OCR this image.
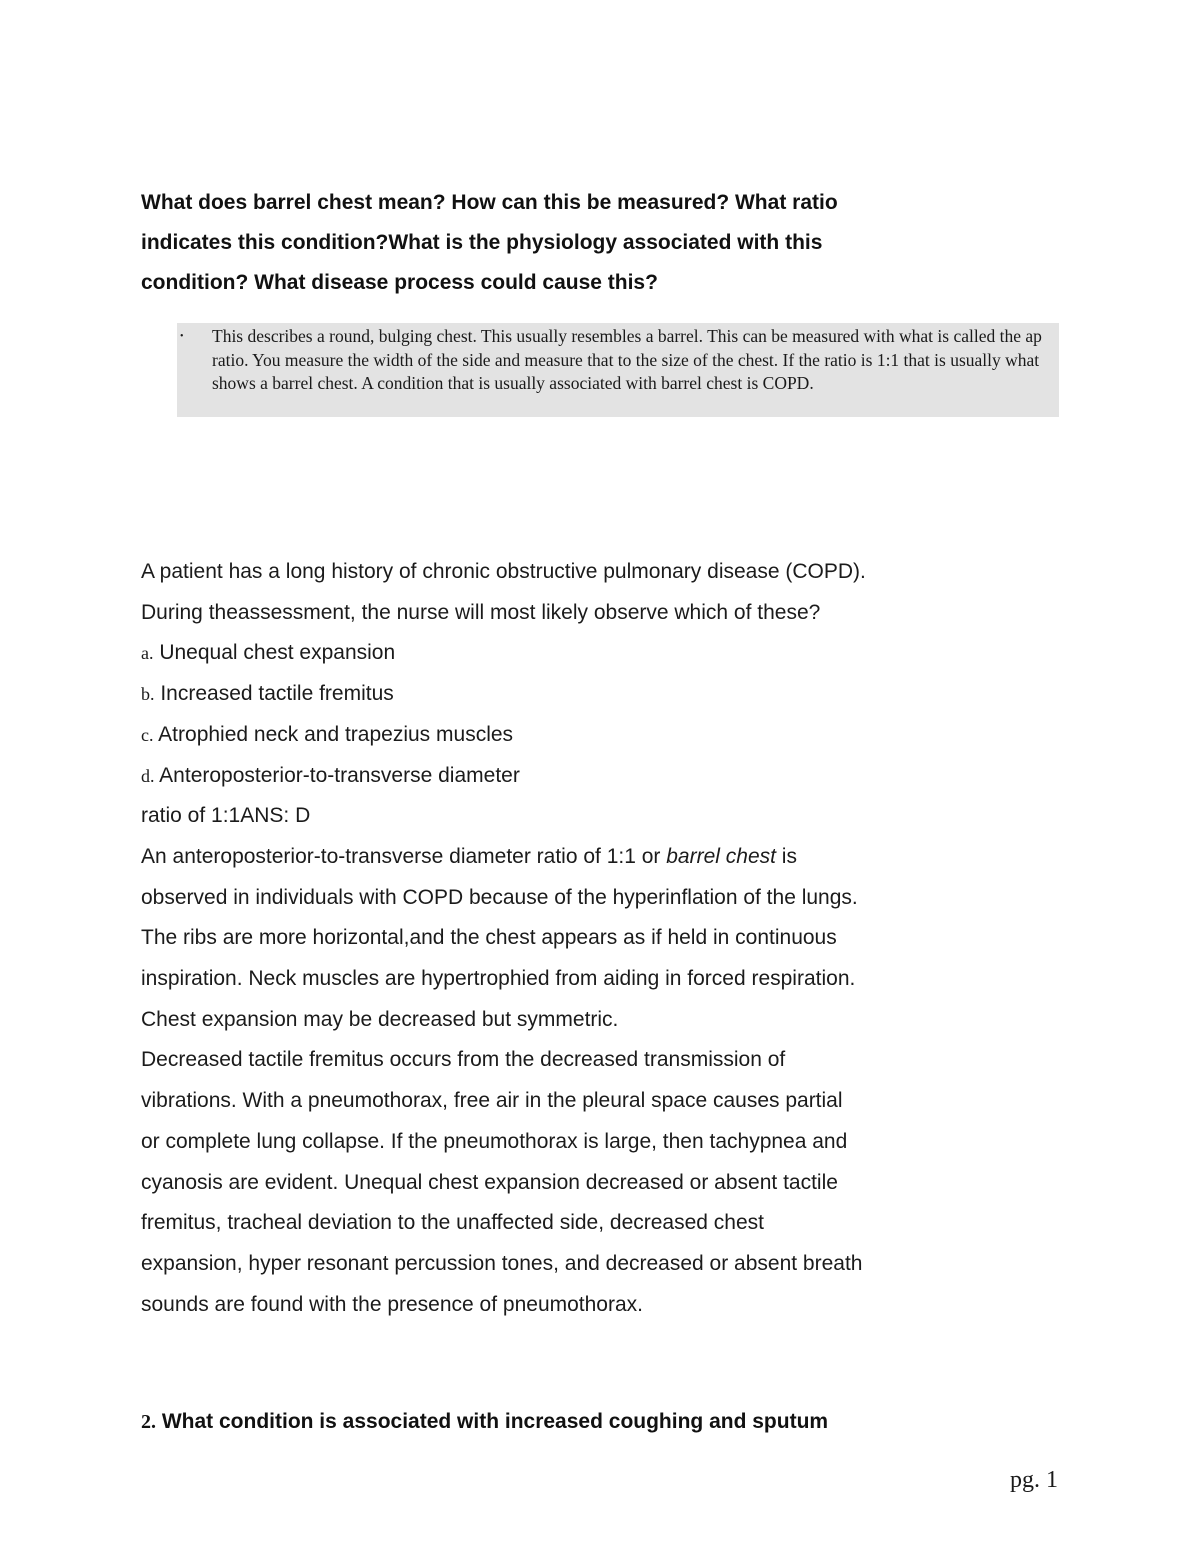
What does barrel chest mean? How can this be measured? What ratio
indicates this condition?What is the physiology associated with this
condition? What disease process could cause this?
•	This describes a round, bulging chest. This usually resembles a barrel. This can be measured with what is called the ap ratio. You measure the width of the side and measure that to the size of the chest. If the ratio is 1:1 that is usually what shows a barrel chest. A condition that is usually associated with barrel chest is COPD.

A patient has a long history of chronic obstructive pulmonary disease (COPD).

During theassessment, the nurse will most likely observe which of these?

a. Unequal chest expansion

b. Increased tactile fremitus

c. Atrophied neck and trapezius muscles

d. Anteroposterior-to-transverse diameter

ratio of 1:1ANS: D

An anteroposterior-to-transverse diameter ratio of 1:1 or barrel chest is

observed in individuals with COPD because of the hyperinflation of the lungs.

The ribs are more horizontal,and the chest appears as if held in continuous

inspiration. Neck muscles are hypertrophied from aiding in forced respiration.

Chest expansion may be decreased but symmetric.

Decreased tactile fremitus occurs from the decreased transmission of

vibrations. With a pneumothorax, free air in the pleural space causes partial

or complete lung collapse. If the pneumothorax is large, then tachypnea and

cyanosis are evident. Unequal chest expansion decreased or absent tactile

fremitus, tracheal deviation to the unaffected side, decreased chest

expansion, hyper resonant percussion tones, and decreased or absent breath

sounds are found with the presence of pneumothorax.

2. What condition is associated with increased coughing and sputum
pg. 1
